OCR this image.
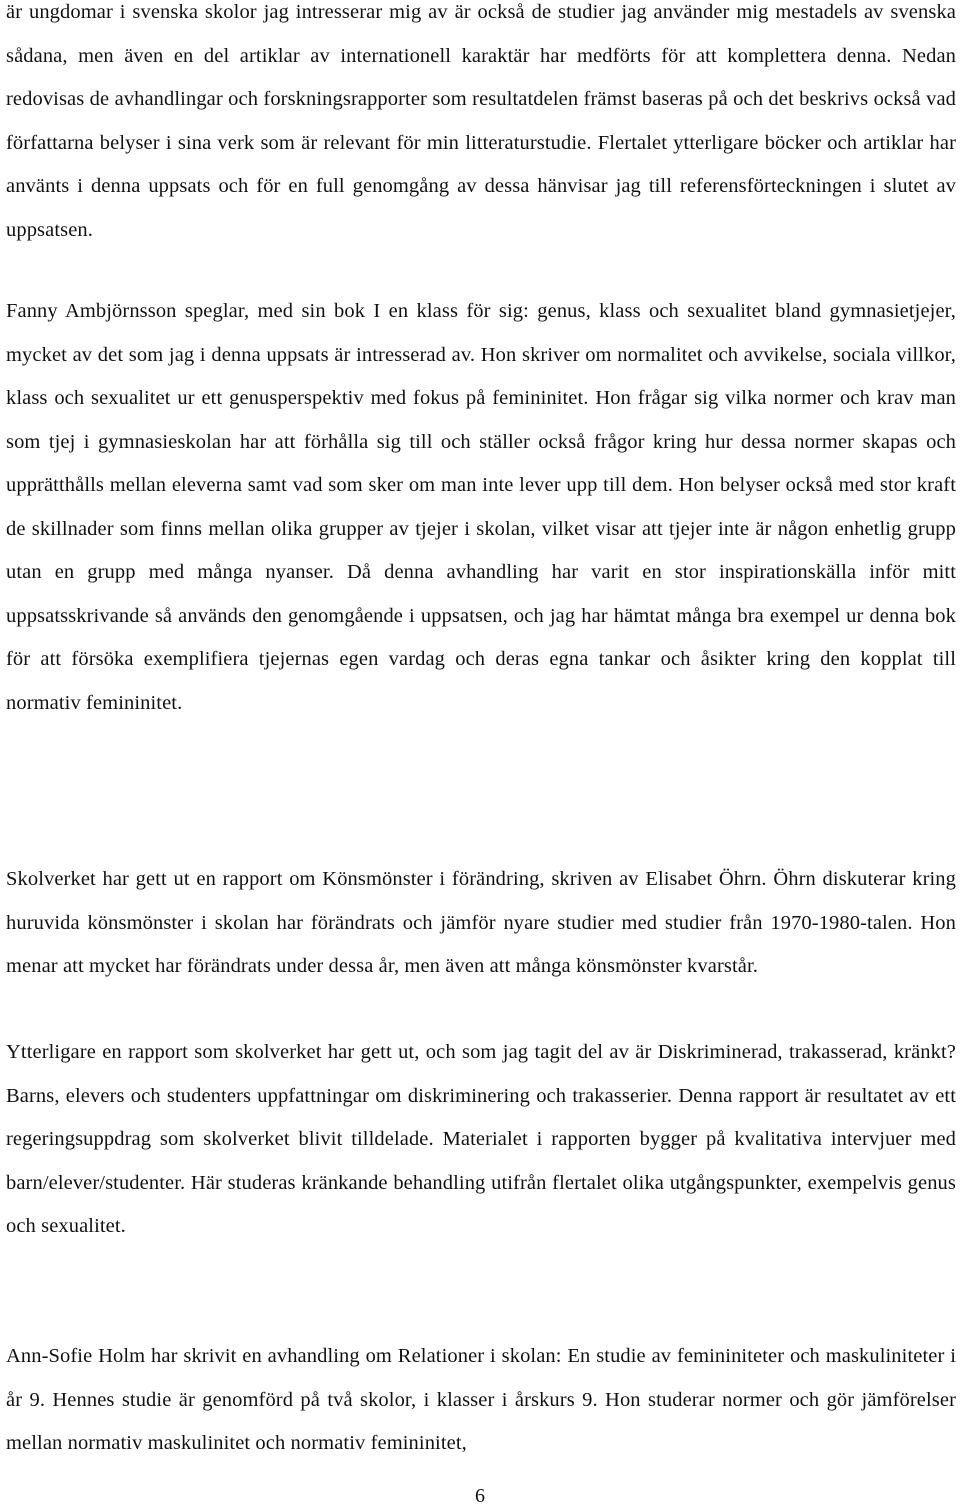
är ungdomar i svenska skolor jag intresserar mig av är också de studier jag använder mig mestadels av svenska sådana, men även en del artiklar av internationell karaktär har medförts för att komplettera denna. Nedan redovisas de avhandlingar och forskningsrapporter som resultatdelen främst baseras på och det beskrivs också vad författarna belyser i sina verk som är relevant för min litteraturstudie. Flertalet ytterligare böcker och artiklar har använts i denna uppsats och för en full genomgång av dessa hänvisar jag till referensförteckningen i slutet av uppsatsen.

Fanny Ambjörnsson speglar, med sin bok I en klass för sig: genus, klass och sexualitet bland gymnasietjejer, mycket av det som jag i denna uppsats är intresserad av. Hon skriver om normalitet och avvikelse, sociala villkor, klass och sexualitet ur ett genusperspektiv med fokus på femininitet. Hon frågar sig vilka normer och krav man som tjej i gymnasieskolan har att förhålla sig till och ställer också frågor kring hur dessa normer skapas och upprätthålls mellan eleverna samt vad som sker om man inte lever upp till dem. Hon belyser också med stor kraft de skillnader som finns mellan olika grupper av tjejer i skolan, vilket visar att tjejer inte är någon enhetlig grupp utan en grupp med många nyanser. Då denna avhandling har varit en stor inspirationskälla inför mitt uppsatsskrivande så används den genomgående i uppsatsen, och jag har hämtat många bra exempel ur denna bok för att försöka exemplifiera tjejernas egen vardag och deras egna tankar och åsikter kring den kopplat till normativ femininitet.

Skolverket har gett ut en rapport om Könsmönster i förändring, skriven av Elisabet Öhrn. Öhrn diskuterar kring huruvida könsmönster i skolan har förändrats och jämför nyare studier med studier från 1970-1980-talen. Hon menar att mycket har förändrats under dessa år, men även att många könsmönster kvarstår.

Ytterligare en rapport som skolverket har gett ut, och som jag tagit del av är Diskriminerad, trakasserad, kränkt? Barns, elevers och studenters uppfattningar om diskriminering och trakasserier. Denna rapport är resultatet av ett regeringsuppdrag som skolverket blivit tilldelade. Materialet i rapporten bygger på kvalitativa intervjuer med barn/elever/studenter. Här studeras kränkande behandling utifrån flertalet olika utgångspunkter, exempelvis genus och sexualitet.

Ann-Sofie Holm har skrivit en avhandling om Relationer i skolan: En studie av femininiteter och maskuliniteter i år 9. Hennes studie är genomförd på två skolor, i klasser i årskurs 9. Hon studerar normer och gör jämförelser mellan normativ maskulinitet och normativ femininitet,

6
